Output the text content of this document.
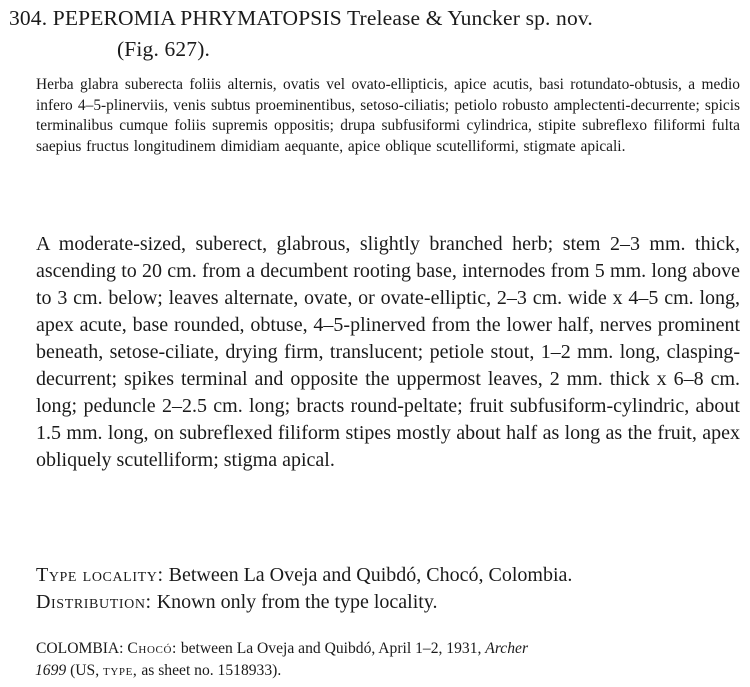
304. PEPEROMIA PHRYMATOPSIS Trelease & Yuncker sp. nov.
(Fig. 627).
Herba glabra suberecta foliis alternis, ovatis vel ovato-ellipticis, apice acutis, basi rotundato-obtusis, a medio infero 4–5-plinerviis, venis subtus proeminentibus, setoso-ciliatis; petiolo robusto amplectenti-decurrente; spicis terminalibus cumque foliis supremis oppositis; drupa subfusiformi cylindrica, stipite subreflexo filiformi fulta saepius fructus longitudinem dimidiam aequante, apice oblique scutelliformi, stigmate apicali.
A moderate-sized, suberect, glabrous, slightly branched herb; stem 2–3 mm. thick, ascending to 20 cm. from a decumbent rooting base, internodes from 5 mm. long above to 3 cm. below; leaves alternate, ovate, or ovate-elliptic, 2–3 cm. wide x 4–5 cm. long, apex acute, base rounded, obtuse, 4–5-plinerved from the lower half, nerves prominent beneath, setose-ciliate, drying firm, translucent; petiole stout, 1–2 mm. long, clasping-decurrent; spikes terminal and opposite the uppermost leaves, 2 mm. thick x 6–8 cm. long; peduncle 2–2.5 cm. long; bracts round-peltate; fruit subfusiform-cylindric, about 1.5 mm. long, on subreflexed filiform stipes mostly about half as long as the fruit, apex obliquely scutelliform; stigma apical.
Type locality: Between La Oveja and Quibdó, Chocó, Colombia.
Distribution: Known only from the type locality.
COLOMBIA: Chocó: between La Oveja and Quibdó, April 1–2, 1931, Archer
1699 (US, type, as sheet no. 1518933).
